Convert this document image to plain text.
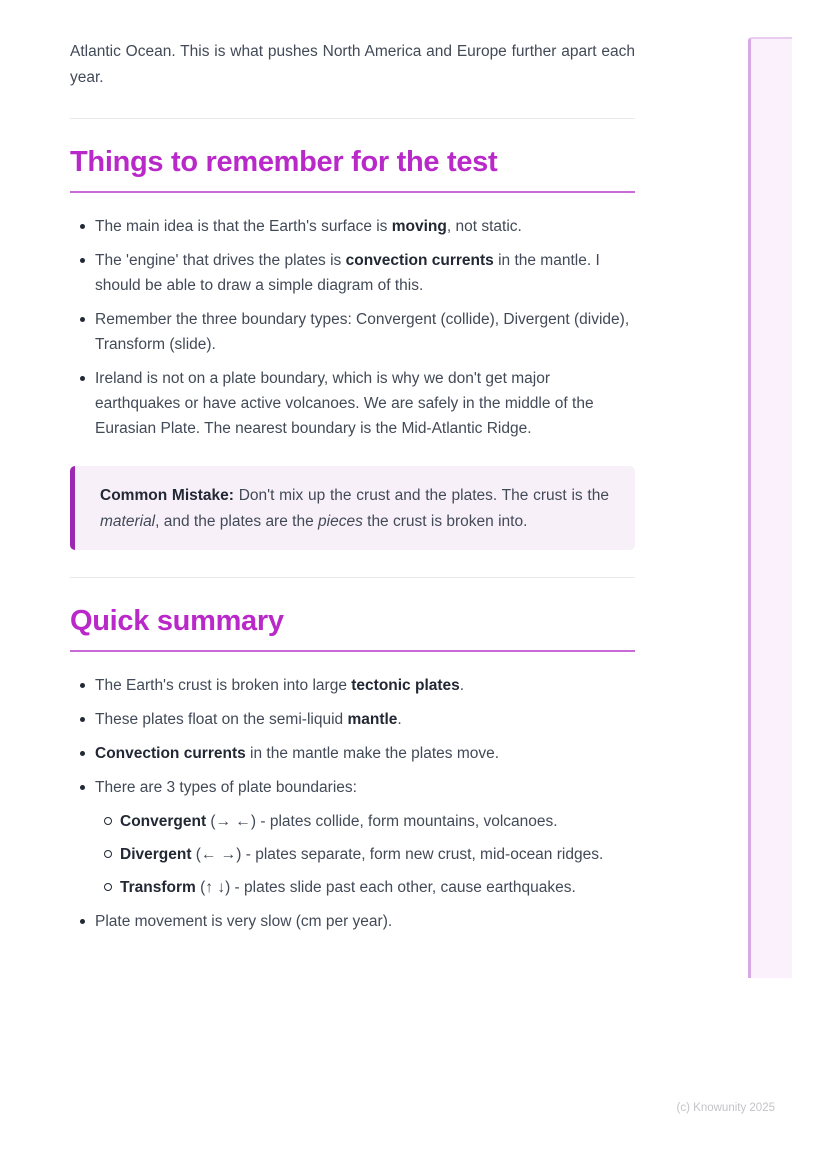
Atlantic Ocean. This is what pushes North America and Europe further apart each year.

Things to remember for the test
The main idea is that the Earth's surface is moving, not static.
The 'engine' that drives the plates is convection currents in the mantle. I should be able to draw a simple diagram of this.
Remember the three boundary types: Convergent (collide), Divergent (divide), Transform (slide).
Ireland is not on a plate boundary, which is why we don't get major earthquakes or have active volcanoes. We are safely in the middle of the Eurasian Plate. The nearest boundary is the Mid-Atlantic Ridge.

Common Mistake: Don't mix up the crust and the plates. The crust is the material, and the plates are the pieces the crust is broken into.

Quick summary
The Earth's crust is broken into large tectonic plates.
These plates float on the semi-liquid mantle.
Convection currents in the mantle make the plates move.
There are 3 types of plate boundaries:
Convergent (→ ←) - plates collide, form mountains, volcanoes.
Divergent (← →) - plates separate, form new crust, mid-ocean ridges.
Transform (↑ ↓) - plates slide past each other, cause earthquakes.
Plate movement is very slow (cm per year).
(c) Knowunity 2025
